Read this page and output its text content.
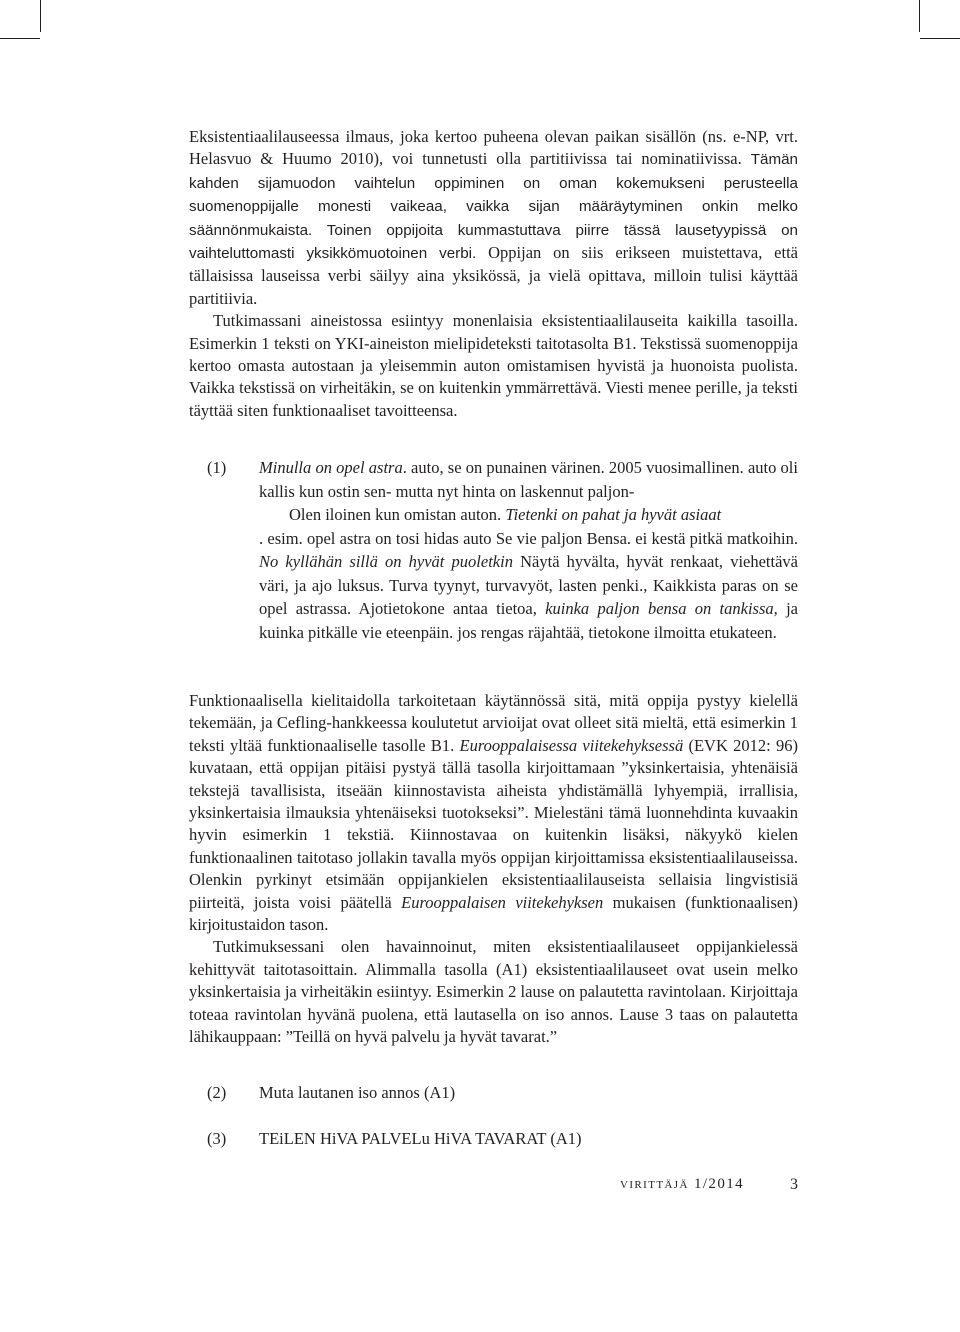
Eksistentiaalilauseessa ilmaus, joka kertoo puheena olevan paikan sisällön (ns. e-NP, vrt. Helasvuo & Huumo 2010), voi tunnetusti olla partitiivissa tai nominatiivissa. Tämän kahden sijamuodon vaihtelun oppiminen on oman kokemukseni perusteella suomenoppijalle monesti vaikeaa, vaikka sijan määräytyminen onkin melko säännönmukaista. Toinen oppijoita kummastuttava piirre tässä lausetyypissä on vaihteluttomasti yksikkömuotoinen verbi. Oppijan on siis erikseen muistettava, että tällaisissa lauseissa verbi säilyy aina yksikössä, ja vielä opittava, milloin tulisi käyttää partitiivia.

Tutkimassani aineistossa esiintyy monenlaisia eksistentiaalilauseita kaikilla tasoilla. Esimerkin 1 teksti on YKI-aineiston mielipideteksti taitotasolta B1. Tekstissä suomenoppija kertoo omasta autostaan ja yleisemmin auton omistamisen hyvistä ja huonoista puolista. Vaikka tekstissä on virheitäkin, se on kuitenkin ymmärrettävä. Viesti menee perille, ja teksti täyttää siten funktionaaliset tavoitteensa.

(1) Minulla on opel astra. auto, se on punainen värinen. 2005 vuosimallinen. auto oli kallis kun ostin sen- mutta nyt hinta on laskennut paljon-
Olen iloinen kun omistan auton. Tietenki on pahat ja hyvät asiaat
. esim. opel astra on tosi hidas auto Se vie paljon Bensa. ei kestä pitkä matkoihin. No kyllähän sillä on hyvät puoletkin Näytä hyvälta, hyvät renkaat, viehettävä väri, ja ajo luksus. Turva tyynyt, turvavyöt, lasten penki., Kaikkista paras on se opel astrassa. Ajotietokone antaa tietoa, kuinka paljon bensa on tankissa, ja kuinka pitkälle vie eteenpäin. jos rengas räjahtää, tietokone ilmoitta etukateen.

Funktionaalisella kielitaidolla tarkoitetaan käytännössä sitä, mitä oppija pystyy kielellä tekemään, ja Cefling-hankkeessa koulutetut arvioijat ovat olleet sitä mieltä, että esimerkin 1 teksti yltää funktionaaliselle tasolle B1. Eurooppalaisessa viitekehyksessä (EVK 2012: 96) kuvataan, että oppijan pitäisi pystyä tällä tasolla kirjoittamaan ”yksinkertaisia, yhtenäisiä tekstejä tavallisista, itseään kiinnostavista aiheista yhdistämällä lyhyempiä, irrallisia, yksinkertaisia ilmauksia yhtenäiseksi tuotokseksi”. Mielestäni tämä luonnehdinta kuvaakin hyvin esimerkin 1 tekstiä. Kiinnostavaa on kuitenkin lisäksi, näkyykö kielen funktionaalinen taitotaso jollakin tavalla myös oppijan kirjoittamissa eksistentiaalilauseissa. Olenkin pyrkinyt etsimään oppijankielen eksistentiaalilauseista sellaisia lingvistisiä piirteitä, joista voisi päätellä Eurooppalaisen viitekehyksen mukaisen (funktionaalisen) kirjoitustaidon tason.

Tutkimuksessani olen havainnoinut, miten eksistentiaalilauseet oppijankielessä kehittyvät taitotasoittain. Alimmalla tasolla (A1) eksistentiaalilauseet ovat usein melko yksinkertaisia ja virheitäkin esiintyy. Esimerkin 2 lause on palautetta ravintolaan. Kirjoittaja toteaa ravintolan hyvänä puolena, että lautasella on iso annos. Lause 3 taas on palautetta lähikauppaan: ”Teillä on hyvä palvelu ja hyvät tavarat.”

(2) Muta lautanen iso annos (A1)
(3) TEiLEN HiVA PALVELu HiVA TAVARAT (A1)
virittäjä 1/2014	3
